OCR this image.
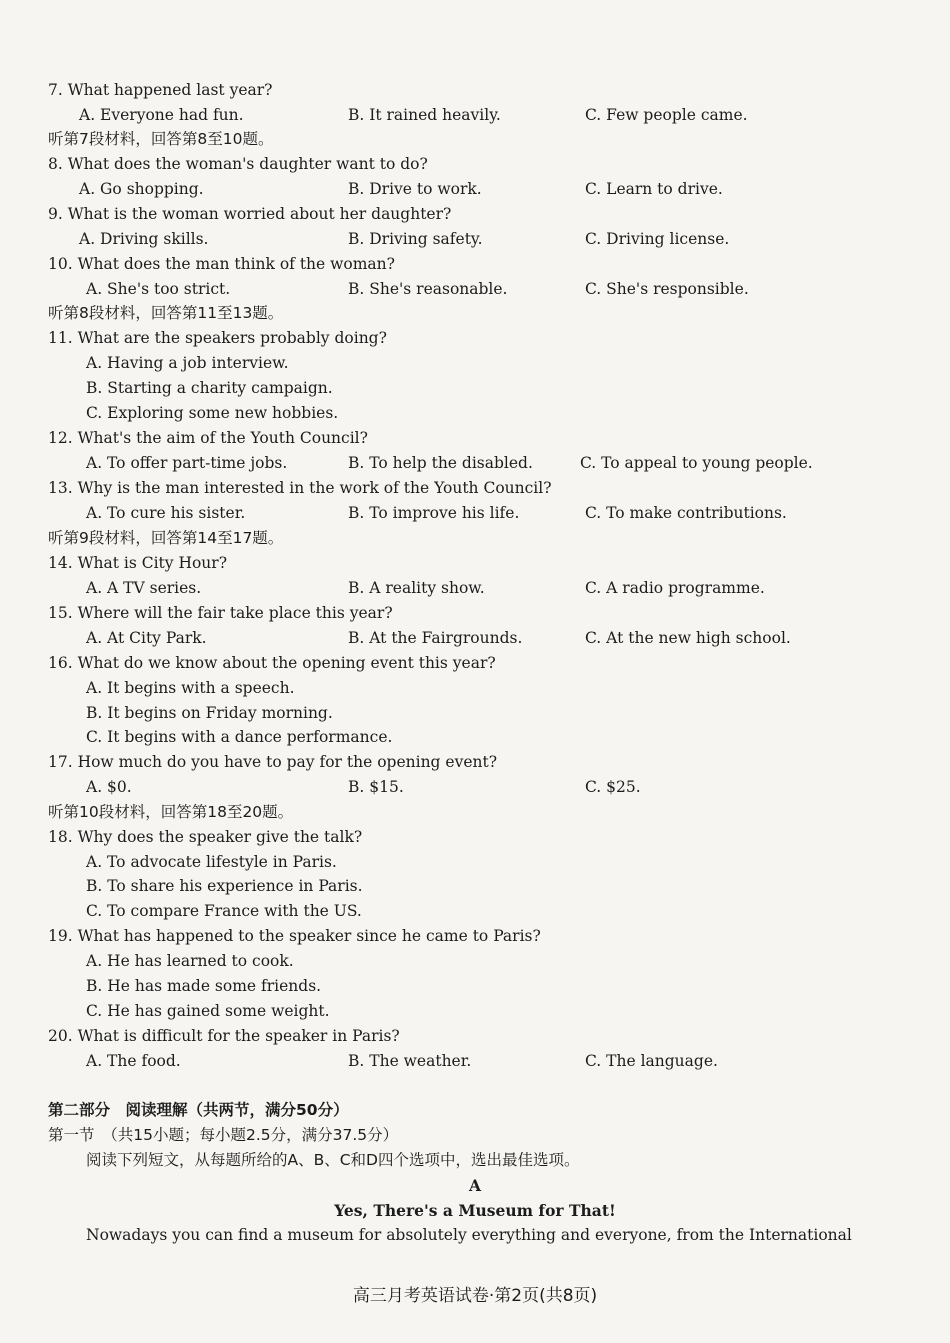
7. What happened last year?
A. Everyone had fun.	B. It rained heavily.	C. Few people came.
听第7段材料，回答第8至10题。
8. What does the woman's daughter want to do?
A. Go shopping.	B. Drive to work.	C. Learn to drive.
9. What is the woman worried about her daughter?
A. Driving skills.	B. Driving safety.	C. Driving license.
10. What does the man think of the woman?
A. She's too strict.	B. She's reasonable.	C. She's responsible.
听第8段材料，回答第11至13题。
11. What are the speakers probably doing?
A. Having a job interview.
B. Starting a charity campaign.
C. Exploring some new hobbies.
12. What's the aim of the Youth Council?
A. To offer part-time jobs.	B. To help the disabled.	C. To appeal to young people.
13. Why is the man interested in the work of the Youth Council?
A. To cure his sister.	B. To improve his life.	C. To make contributions.
听第9段材料，回答第14至17题。
14. What is City Hour?
A. A TV series.	B. A reality show.	C. A radio programme.
15. Where will the fair take place this year?
A. At City Park.	B. At the Fairgrounds.	C. At the new high school.
16. What do we know about the opening event this year?
A. It begins with a speech.
B. It begins on Friday morning.
C. It begins with a dance performance.
17. How much do you have to pay for the opening event?
A. $0.	B. $15.	C. $25.
听第10段材料，回答第18至20题。
18. Why does the speaker give the talk?
A. To advocate lifestyle in Paris.
B. To share his experience in Paris.
C. To compare France with the US.
19. What has happened to the speaker since he came to Paris?
A. He has learned to cook.
B. He has made some friends.
C. He has gained some weight.
20. What is difficult for the speaker in Paris?
A. The food.	B. The weather.	C. The language.
第二部分　阅读理解（共两节，满分50分）
第一节　（共15小题；每小题2.5分，满分37.5分）
阅读下列短文，从每题所给的A、B、C和D四个选项中，选出最佳选项。
A
Yes, There's a Museum for That!
Nowadays you can find a museum for absolutely everything and everyone, from the International
高三月考英语试卷·第2页(共8页)
